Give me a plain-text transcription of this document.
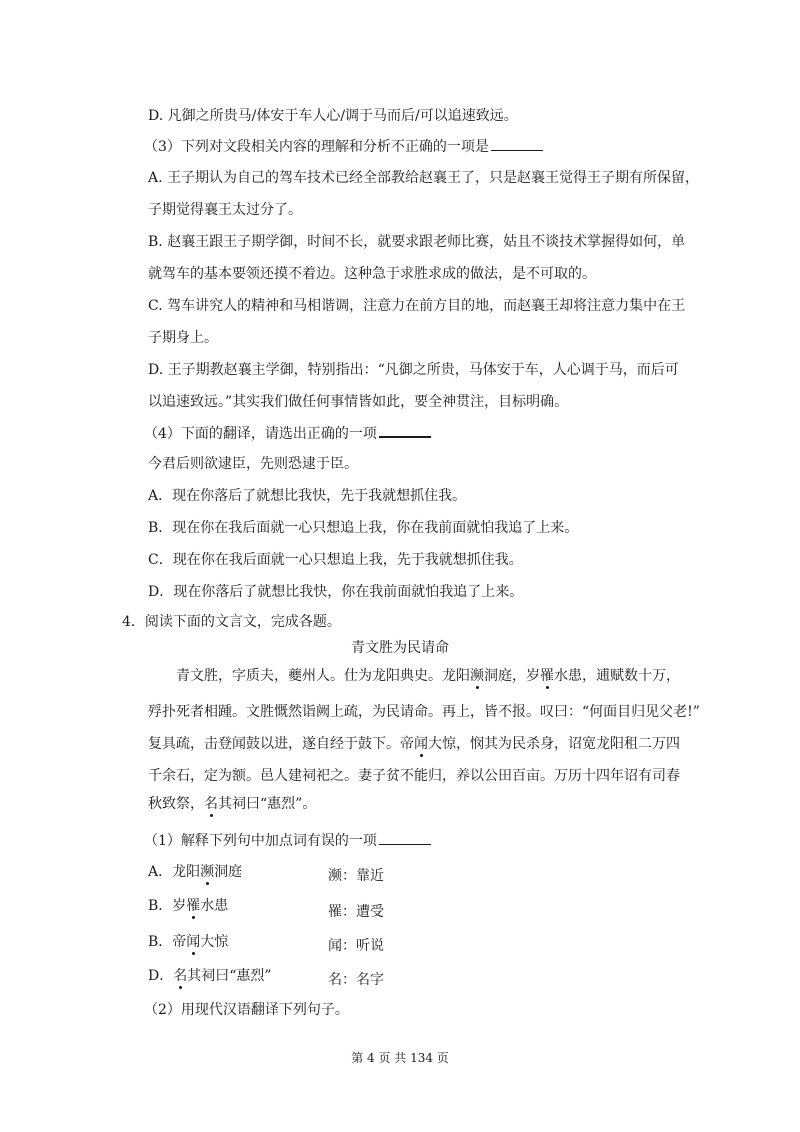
D. 凡御之所贵马/体安于车人心/调于马而后/可以追速致远。
（3）下列对文段相关内容的理解和分析不正确的一项是
A. 王子期认为自己的驾车技术已经全部教给赵襄王了，只是赵襄王觉得王子期有所保留，
子期觉得襄王太过分了。
B. 赵襄王跟王子期学御，时间不长，就要求跟老师比赛，姑且不谈技术掌握得如何，单
就驾车的基本要领还摸不着边。这种急于求胜求成的做法，是不可取的。
C. 驾车讲究人的精神和马相谐调，注意力在前方目的地，而赵襄王却将注意力集中在王
子期身上。
D. 王子期教赵襄主学御，特别指出：“凡御之所贵，马体安于车，人心调于马，而后可
以追速致远。”其实我们做任何事情皆如此，要全神贯注，目标明确。
（4）下面的翻译，请选出正确的一项
今君后则欲逮臣，先则恐逮于臣。
A．现在你落后了就想比我快，先于我就想抓住我。
B．现在你在我后面就一心只想追上我，你在我前面就怕我追了上来。
C．现在你在我后面就一心只想追上我，先于我就想抓住我。
D．现在你落后了就想比我快，你在我前面就怕我追了上来。
4．阅读下面的文言文，完成各题。
青文胜为民请命
青文胜，字质夫，夔州人。仕为龙阳典史。龙阳濒洞庭，岁罹水患，逋赋数十万，
殍扑死者相踵。文胜慨然诣阙上疏，为民请命。再上，皆不报。叹曰：“何面目归见父老!”
复具疏，击登闻鼓以进，遂自经于鼓下。帝闻大惊，悯其为民杀身，诏宽龙阳租二万四
千余石，定为额。邑人建祠祀之。妻子贫不能归，养以公田百亩。万历十四年诏有司春
秋致祭，名其祠曰“惠烈”。
（1）解释下列句中加点词有误的一项
A．龙阳濒洞庭	濒：靠近
B．岁罹水患	罹：遭受
B．帝闻大惊	闻：听说
D．名其祠曰“惠烈”	名：名字
（2）用现代汉语翻译下列句子。
第 4 页 共 134 页
